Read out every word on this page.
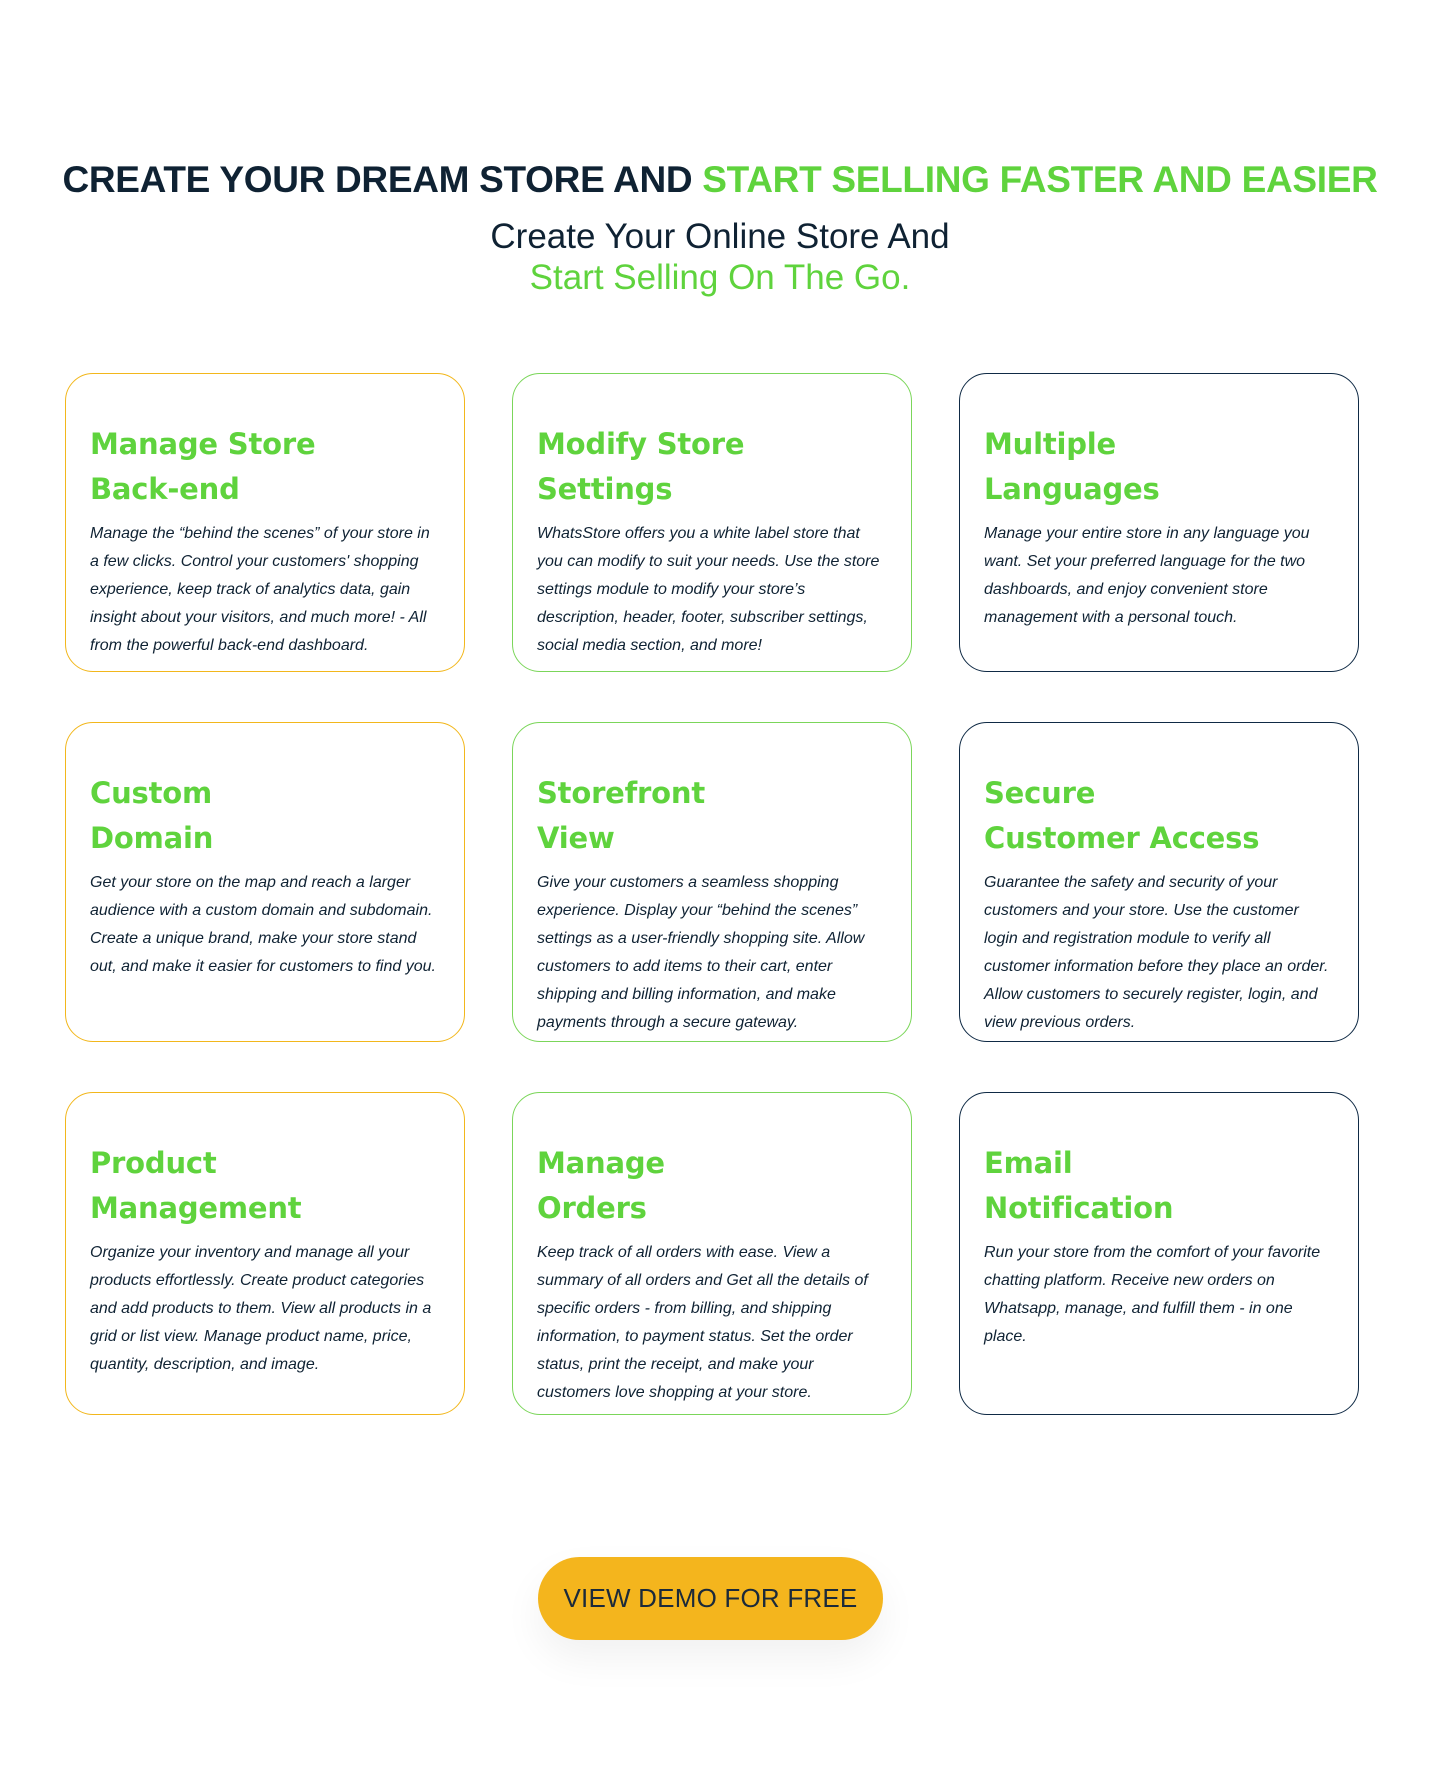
CREATE YOUR DREAM STORE AND START SELLING FASTER AND EASIER

Create Your Online Store And
Start Selling On The Go.

Manage Store
Back-end

Manage the “behind the scenes” of your store in a few clicks. Control your customers' shopping experience, keep track of analytics data, gain insight about your visitors, and much more! - All from the powerful back-end dashboard.

Modify Store
Settings

WhatsStore offers you a white label store that you can modify to suit your needs. Use the store settings module to modify your store’s description, header, footer, subscriber settings, social media section, and more!

Multiple
Languages

Manage your entire store in any language you want. Set your preferred language for the two dashboards, and enjoy convenient store management with a personal touch.

Custom
Domain

Get your store on the map and reach a larger audience with a custom domain and subdomain. Create a unique brand, make your store stand out, and make it easier for customers to find you.

Storefront
View

Give your customers a seamless shopping experience. Display your “behind the scenes” settings as a user-friendly shopping site. Allow customers to add items to their cart, enter shipping and billing information, and make payments through a secure gateway.

Secure
Customer Access

Guarantee the safety and security of your customers and your store. Use the customer login and registration module to verify all customer information before they place an order. Allow customers to securely register, login, and view previous orders.

Product
Management

Organize your inventory and manage all your products effortlessly. Create product categories and add products to them. View all products in a grid or list view. Manage product name, price, quantity, description, and image.

Manage
Orders

Keep track of all orders with ease. View a summary of all orders and Get all the details of specific orders - from billing, and shipping information, to payment status. Set the order status, print the receipt, and make your customers love shopping at your store.

Email
Notification

Run your store from the comfort of your favorite chatting platform. Receive new orders on Whatsapp, manage, and fulfill them - in one place.

VIEW DEMO FOR FREE
